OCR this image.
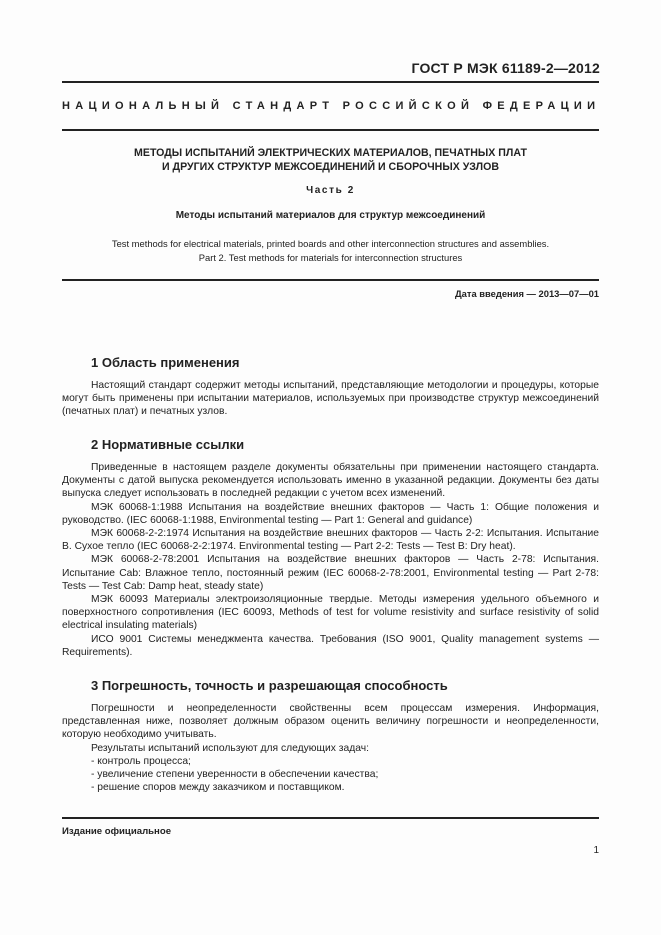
ГОСТ Р МЭК 61189-2—2012
НАЦИОНАЛЬНЫЙ СТАНДАРТ РОССИЙСКОЙ ФЕДЕРАЦИИ
МЕТОДЫ ИСПЫТАНИЙ ЭЛЕКТРИЧЕСКИХ МАТЕРИАЛОВ, ПЕЧАТНЫХ ПЛАТ
И ДРУГИХ СТРУКТУР МЕЖСОЕДИНЕНИЙ И СБОРОЧНЫХ УЗЛОВ
Часть 2
Методы испытаний материалов для структур межсоединений
Test methods for electrical materials, printed boards and other interconnection structures and assemblies.
Part 2. Test methods for materials for interconnection structures
Дата введения — 2013—07—01
1 Область применения

Настоящий стандарт содержит методы испытаний, представляющие методологии и процедуры, которые могут быть применены при испытании материалов, используемых при производстве структур межсоединений (печатных плат) и печатных узлов.

2 Нормативные ссылки

Приведенные в настоящем разделе документы обязательны при применении настоящего стандарта. Документы с датой выпуска рекомендуется использовать именно в указанной редакции. Документы без даты выпуска следует использовать в последней редакции с учетом всех изменений.

МЭК 60068-1:1988 Испытания на воздействие внешних факторов — Часть 1: Общие положения и руководство. (IEC 60068-1:1988, Environmental testing — Part 1: General and guidance)

МЭК 60068-2-2:1974 Испытания на воздействие внешних факторов — Часть 2-2: Испытания. Испытание В. Сухое тепло (IEC 60068-2-2:1974. Environmental testing — Part 2-2: Tests — Test B: Dry heat).

МЭК 60068-2-78:2001 Испытания на воздействие внешних факторов — Часть 2-78: Испытания. Испытание Cab: Влажное тепло, постоянный режим (IEC 60068-2-78:2001, Environmental testing — Part 2-78: Tests — Test Cab: Damp heat, steady state)

МЭК 60093 Материалы электроизоляционные твердые. Методы измерения удельного объемного и поверхностного сопротивления (IEC 60093, Methods of test for volume resistivity and surface resistivity of solid electrical insulating materials)

ИСО 9001 Системы менеджмента качества. Требования (ISO 9001, Quality management systems — Requirements).

3 Погрешность, точность и разрешающая способность

Погрешности и неопределенности свойственны всем процессам измерения. Информация, представленная ниже, позволяет должным образом оценить величину погрешности и неопределенности, которую необходимо учитывать.

Результаты испытаний используют для следующих задач:

- контроль процесса;

- увеличение степени уверенности в обеспечении качества;

- решение споров между заказчиком и поставщиком.

Издание официальное
1
